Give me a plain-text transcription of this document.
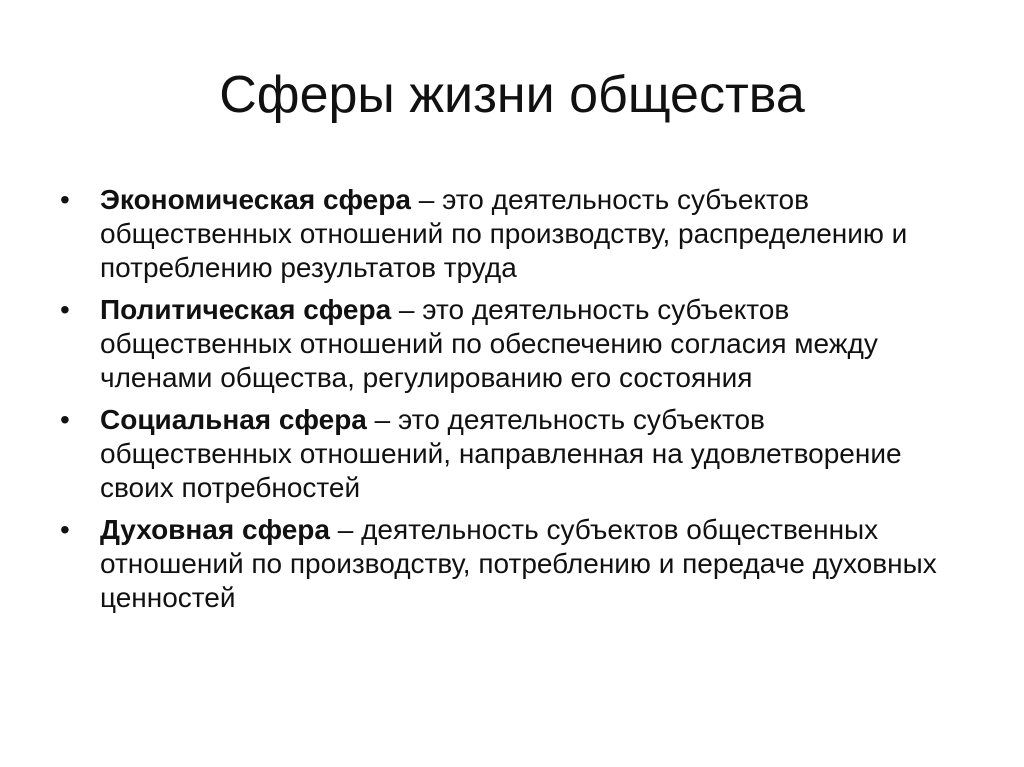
Сферы жизни общества
• Экономическая сфера – это деятельность субъектов общественных отношений по производству, распределению и потреблению результатов труда
• Политическая сфера – это деятельность субъектов общественных отношений по обеспечению согласия между членами общества, регулированию его состояния
• Социальная сфера – это деятельность субъектов общественных отношений, направленная на удовлетворение своих потребностей
• Духовная сфера – деятельность субъектов общественных отношений по производству, потреблению и передаче духовных ценностей
